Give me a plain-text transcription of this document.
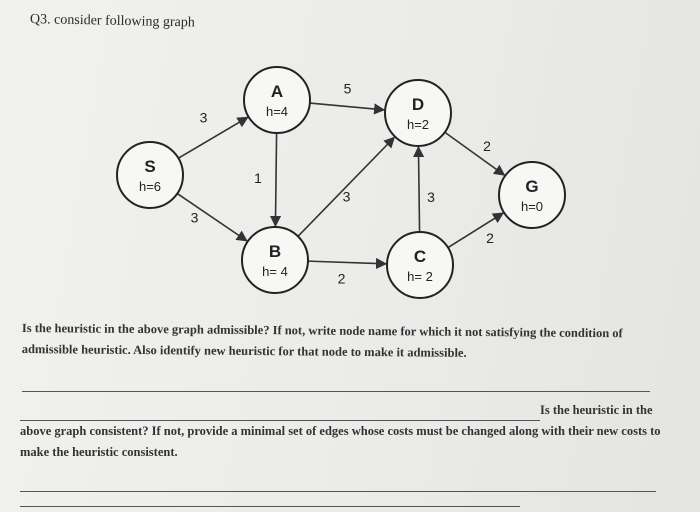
Q3. consider following graph
3
3
5
1
3
2
3
2
2
S
h=6
A
h=4
B
h= 4
C
h= 2
D
h=2
G
h=0
Is the heuristic in the above graph admissible? If not, write node name for which it not satisfying the condition of admissible heuristic. Also identify new heuristic for that node to make it admissible.
Is the heuristic in the above graph consistent? If not, provide a minimal set of edges whose costs must be changed along with their new costs to make the heuristic consistent.
